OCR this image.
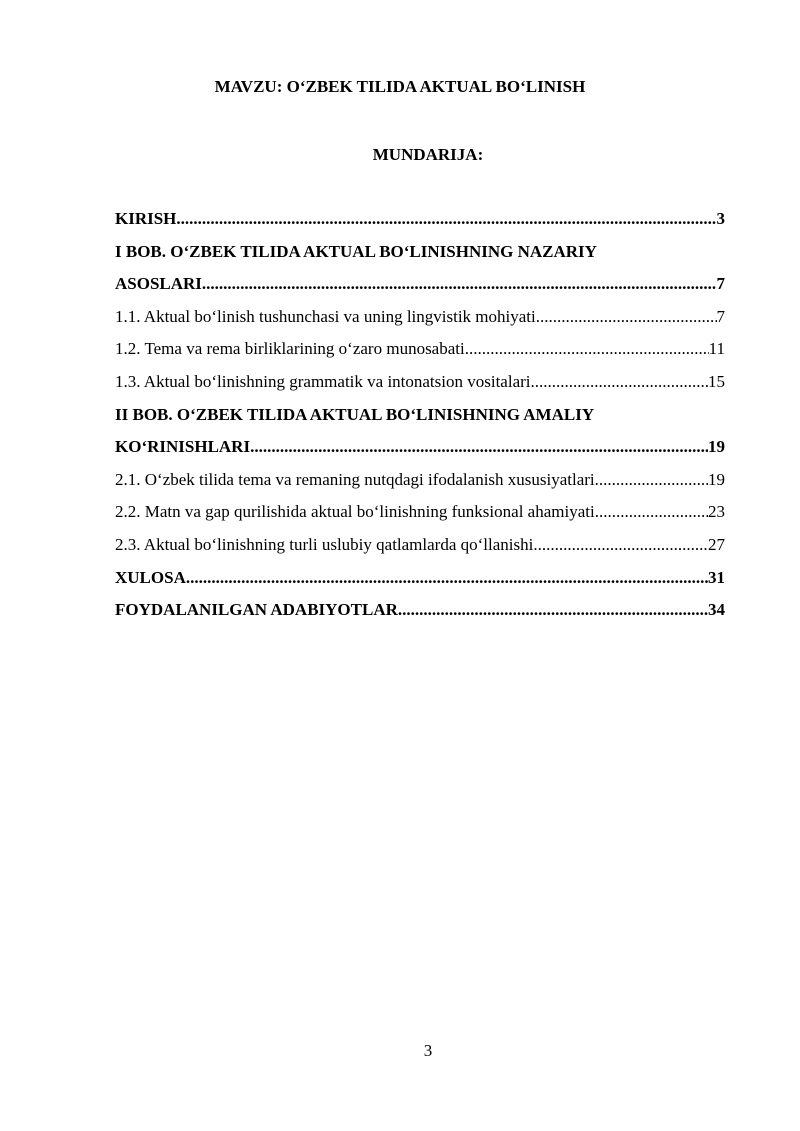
MAVZU: O‘ZBEK TILIDA AKTUAL BO‘LINISH
MUNDARIJA:
KIRISH .....	3
I BOB. O‘ZBEK TILIDA AKTUAL BO‘LINISHNING NAZARIY
ASOSLARI .....	7
1.1. Aktual bo‘linish tushunchasi va uning lingvistik mohiyati .....	7
1.2. Tema va rema birliklarining o‘zaro munosabati .....	11
1.3. Aktual bo‘linishning grammatik va intonatsion vositalari .....	15
II BOB. O‘ZBEK TILIDA AKTUAL BO‘LINISHNING AMALIY
KO‘RINISHLARI .....	19
2.1. O‘zbek tilida tema va remaning nutqdagi ifodalanish xususiyatlari .....	19
2.2. Matn va gap qurilishida aktual bo‘linishning funksional ahamiyati .....	23
2.3. Aktual bo‘linishning turli uslubiy qatlamlarda qo‘llanishi .....	27
XULOSA .....	31
FOYDALANILGAN ADABIYOTLAR .....	34
3
